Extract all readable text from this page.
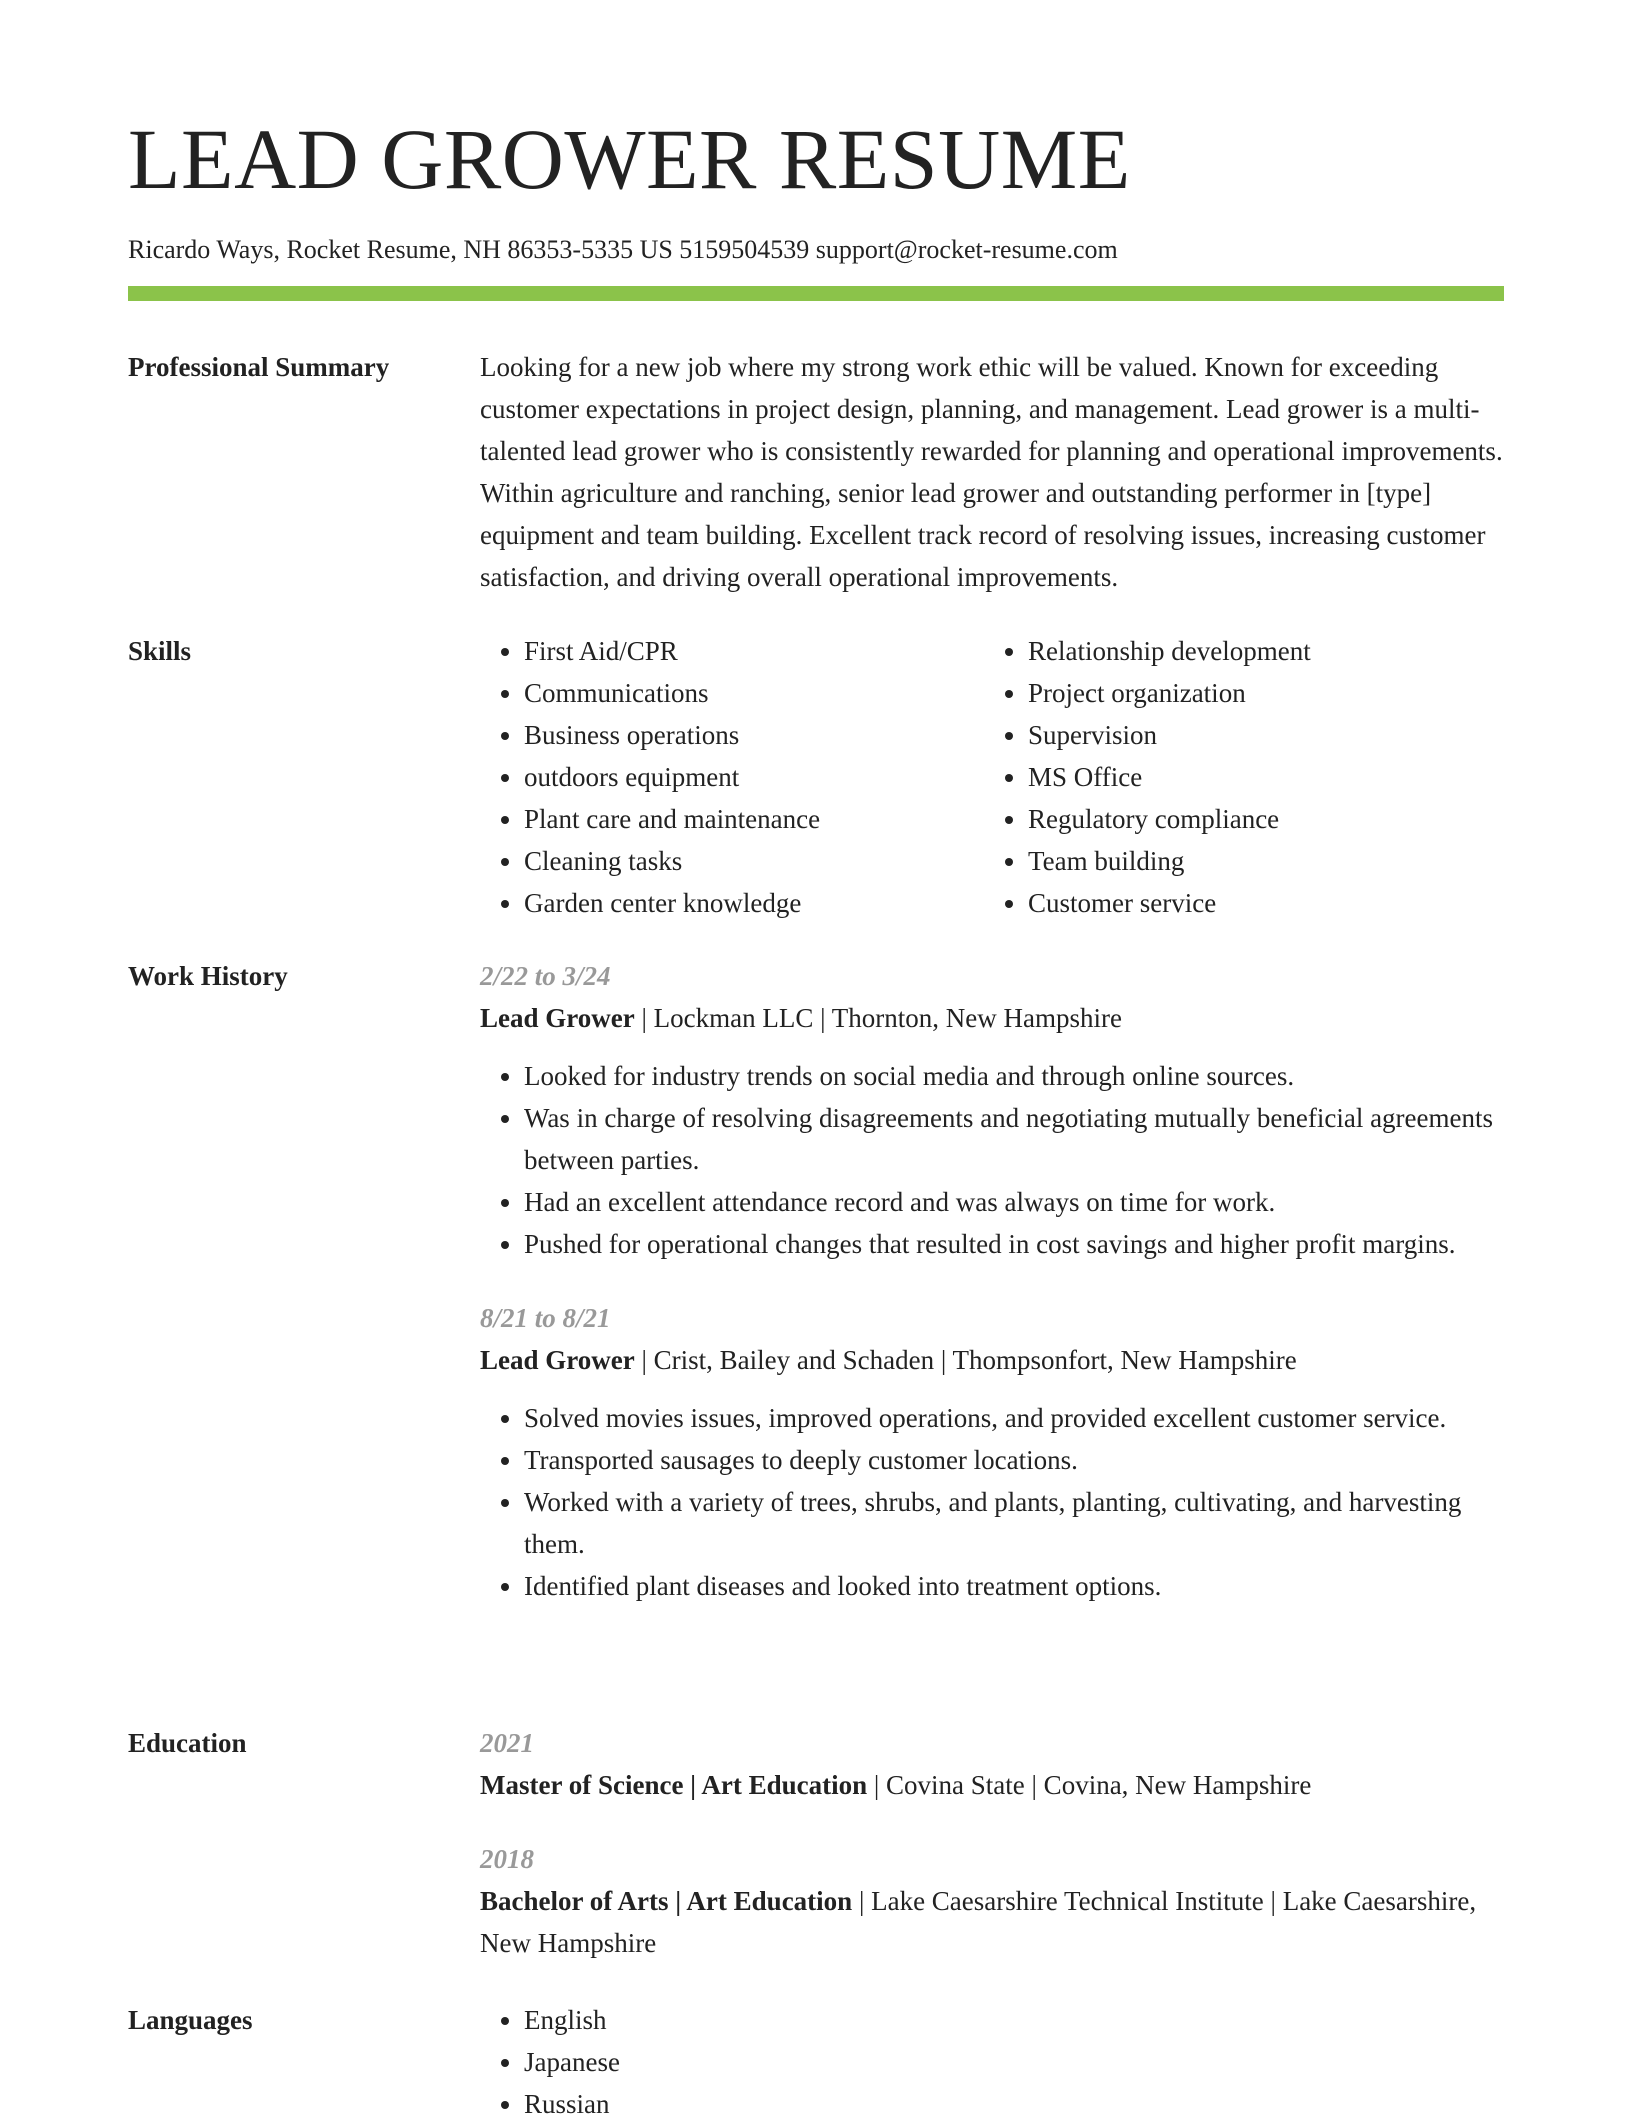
LEAD GROWER RESUME
Ricardo Ways, Rocket Resume, NH 86353-5335 US 5159504539 support@rocket-resume.com
Professional Summary	Looking for a new job where my strong work ethic will be valued. Known for exceeding customer expectations in project design, planning, and management. Lead grower is a multi-talented lead grower who is consistently rewarded for planning and operational improvements. Within agriculture and ranching, senior lead grower and outstanding performer in [type] equipment and team building. Excellent track record of resolving issues, increasing customer satisfaction, and driving overall operational improvements.

Skills	• First Aid/CPR
• Communications
• Business operations
• outdoors equipment
• Plant care and maintenance
• Cleaning tasks
• Garden center knowledge
• Relationship development
• Project organization
• Supervision
• MS Office
• Regulatory compliance
• Team building
• Customer service
Work History	2/22 to 3/24
Lead Grower | Lockman LLC | Thornton, New Hampshire
• Looked for industry trends on social media and through online sources.
• Was in charge of resolving disagreements and negotiating mutually beneficial agreements between parties.
• Had an excellent attendance record and was always on time for work.
• Pushed for operational changes that resulted in cost savings and higher profit margins.
8/21 to 8/21
Lead Grower | Crist, Bailey and Schaden | Thompsonfort, New Hampshire
• Solved movies issues, improved operations, and provided excellent customer service.
• Transported sausages to deeply customer locations.
• Worked with a variety of trees, shrubs, and plants, planting, cultivating, and harvesting them.
• Identified plant diseases and looked into treatment options.
Education	2021
Master of Science | Art Education | Covina State | Covina, New Hampshire
2018
Bachelor of Arts | Art Education | Lake Caesarshire Technical Institute | Lake Caesarshire, New Hampshire
Languages	• English
• Japanese
• Russian
